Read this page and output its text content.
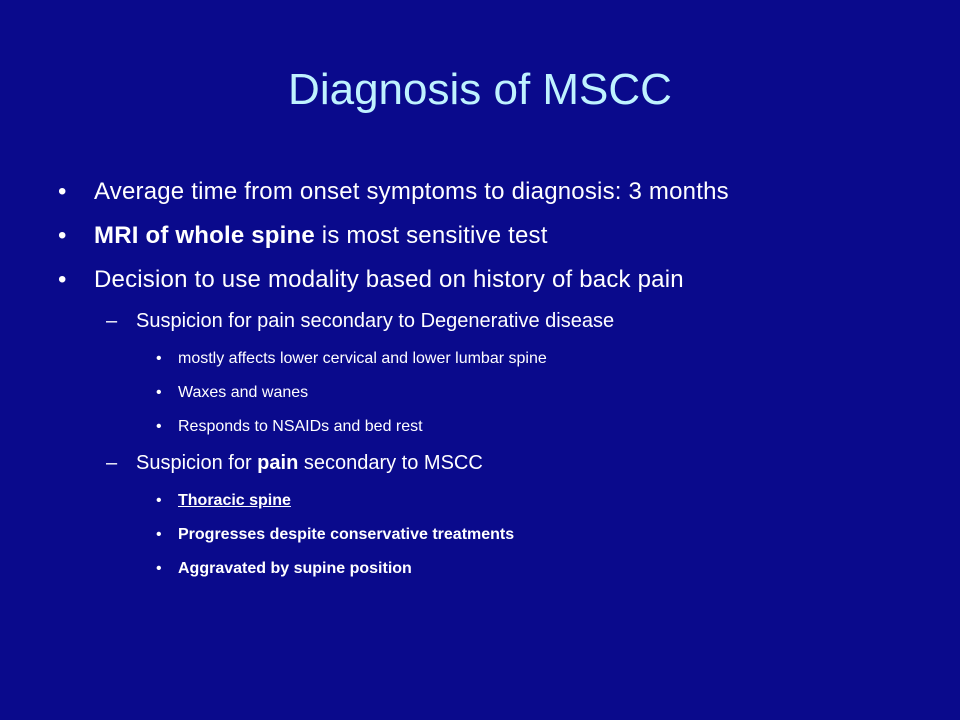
Diagnosis of MSCC
• Average time from onset symptoms to diagnosis: 3 months
• MRI of whole spine is most sensitive test
• Decision to use modality based on history of back pain
– Suspicion for pain secondary to Degenerative disease
• mostly affects lower cervical and lower lumbar spine
• Waxes and wanes
• Responds to NSAIDs and bed rest
– Suspicion for pain secondary to MSCC
• Thoracic spine
• Progresses despite conservative treatments
• Aggravated by supine position
